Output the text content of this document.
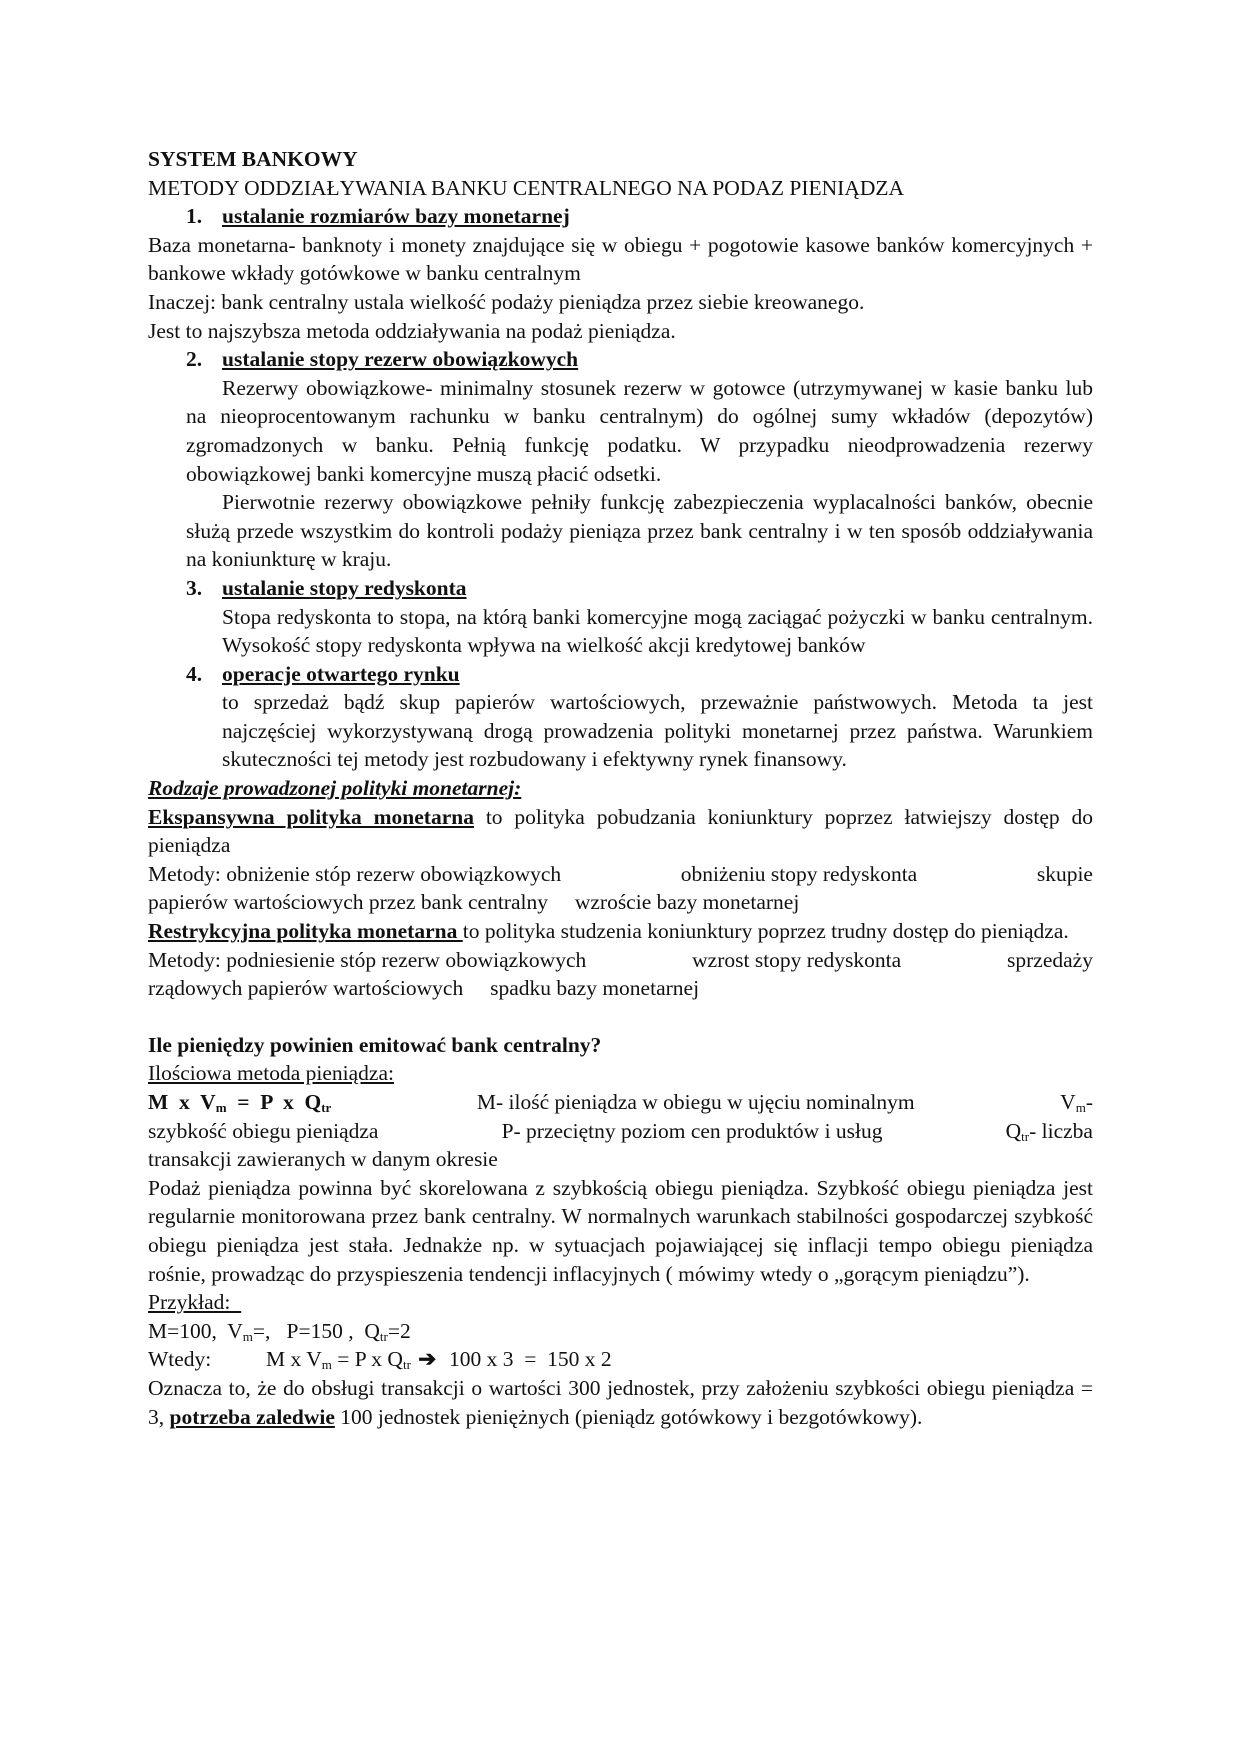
SYSTEM BANKOWY

METODY ODDZIAŁYWANIA BANKU CENTRALNEGO NA PODAZ PIENIĄDZA

1. ustalanie rozmiarów bazy monetarnej

Baza monetarna- banknoty i monety znajdujące się w obiegu + pogotowie kasowe banków komercyjnych + bankowe wkłady gotówkowe w banku centralnym

Inaczej: bank centralny ustala wielkość podaży pieniądza przez siebie kreowanego.

Jest to najszybsza metoda oddziaływania na podaż pieniądza.

2. ustalanie stopy rezerw obowiązkowych

Rezerwy obowiązkowe- minimalny stosunek rezerw w gotowce (utrzymywanej w kasie banku lub na nieoprocentowanym rachunku w banku centralnym) do ogólnej sumy wkładów (depozytów) zgromadzonych w banku. Pełnią funkcję podatku. W przypadku nieodprowadzenia rezerwy obowiązkowej banki komercyjne muszą płacić odsetki.

Pierwotnie rezerwy obowiązkowe pełniły funkcję zabezpieczenia wyplacalności banków, obecnie służą przede wszystkim do kontroli podaży pieniąza przez bank centralny i w ten sposób oddziaływania na koniunkturę w kraju.

3. ustalanie stopy redyskonta

Stopa redyskonta to stopa, na którą banki komercyjne mogą zaciągać pożyczki w banku centralnym. Wysokość stopy redyskonta wpływa na wielkość akcji kredytowej banków

4. operacje otwartego rynku

to sprzedaż bądź skup papierów wartościowych, przeważnie państwowych. Metoda ta jest najczęściej wykorzystywaną drogą prowadzenia polityki monetarnej przez państwa. Warunkiem skuteczności tej metody jest rozbudowany i efektywny rynek finansowy.

Rodzaje prowadzonej polityki monetarnej:

Ekspansywna polityka monetarna to polityka pobudzania koniunktury poprzez łatwiejszy dostęp do pieniądza

Metody: obniżenie stóp rezerw obowiązkowych	obniżeniu stopy redyskonta	skupie

papierów wartościowych przez bank centralny     wzroście bazy monetarnej

Restrykcyjna polityka monetarna to polityka studzenia koniunktury poprzez trudny dostęp do pieniądza.

Metody: podniesienie stóp rezerw obowiązkowych	wzrost stopy redyskonta	sprzedaży

rządowych papierów wartościowych     spadku bazy monetarnej

Ile pieniędzy powinien emitować bank centralny?

Ilościowa metoda pieniądza:

M  x  $V_m = P$  x  $Q_{tr}$	M- ilość pieniądza w obiegu w ujęciu nominalnym	$V_m-$
szybkość obiegu pieniądza	P- przeciętny poziom cen produktów i usług	$Q_{tr}-$ liczba

transakcji zawieranych w danym okresie

Podaż pieniądza powinna być skorelowana z szybkością obiegu pieniądza. Szybkość obiegu pieniądza jest regularnie monitorowana przez bank centralny. W normalnych warunkach stabilności gospodarczej szybkość obiegu pieniądza jest stała. Jednakże np. w sytuacjach pojawiającej się inflacji tempo obiegu pieniądza rośnie, prowadząc do przyspieszenia tendencji inflacyjnych ( mówimy wtedy o „gorącym pieniądzu”).

Przykład:

M=100,  $V_m=$,   P=150 ,  $Q_{tr}=2$

Wtedy:	M x $V_m = P$ x $Q_{tr}$ ➔  100 x 3  =  150 x 2

Oznacza to, że do obsługi transakcji o wartości 300 jednostek, przy założeniu szybkości obiegu pieniądza = 3, potrzeba zaledwie 100 jednostek pieniężnych (pieniądz gotówkowy i bezgotówkowy).
